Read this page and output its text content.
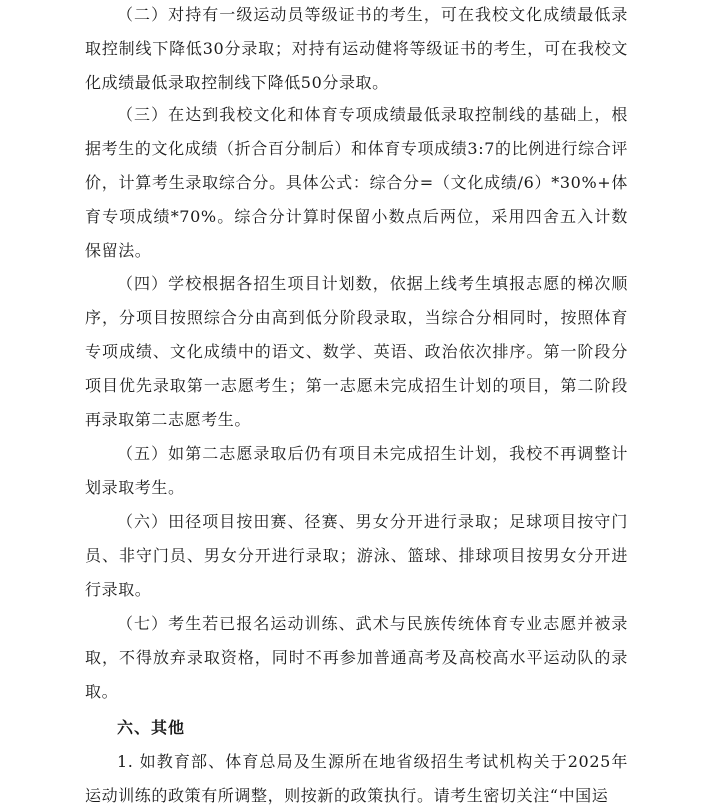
（二）对持有一级运动员等级证书的考生，可在我校文化成绩最低录取控制线下降低30分录取；对持有运动健将等级证书的考生，可在我校文化成绩最低录取控制线下降低50分录取。

（三）在达到我校文化和体育专项成绩最低录取控制线的基础上，根据考生的文化成绩（折合百分制后）和体育专项成绩3:7的比例进行综合评价，计算考生录取综合分。具体公式：综合分=（文化成绩/6）*30%+体育专项成绩*70%。综合分计算时保留小数点后两位，采用四舍五入计数保留法。

（四）学校根据各招生项目计划数，依据上线考生填报志愿的梯次顺序，分项目按照综合分由高到低分阶段录取，当综合分相同时，按照体育专项成绩、文化成绩中的语文、数学、英语、政治依次排序。第一阶段分项目优先录取第一志愿考生；第一志愿未完成招生计划的项目，第二阶段再录取第二志愿考生。

（五）如第二志愿录取后仍有项目未完成招生计划，我校不再调整计划录取考生。

（六）田径项目按田赛、径赛、男女分开进行录取；足球项目按守门员、非守门员、男女分开进行录取；游泳、篮球、排球项目按男女分开进行录取。

（七）考生若已报名运动训练、武术与民族传统体育专业志愿并被录取，不得放弃录取资格，同时不再参加普通高考及高校高水平运动队的录取。

六、其他

1. 如教育部、体育总局及生源所在地省级招生考试机构关于2025年运动训练的政策有所调整，则按新的政策执行。请考生密切关注“中国运
